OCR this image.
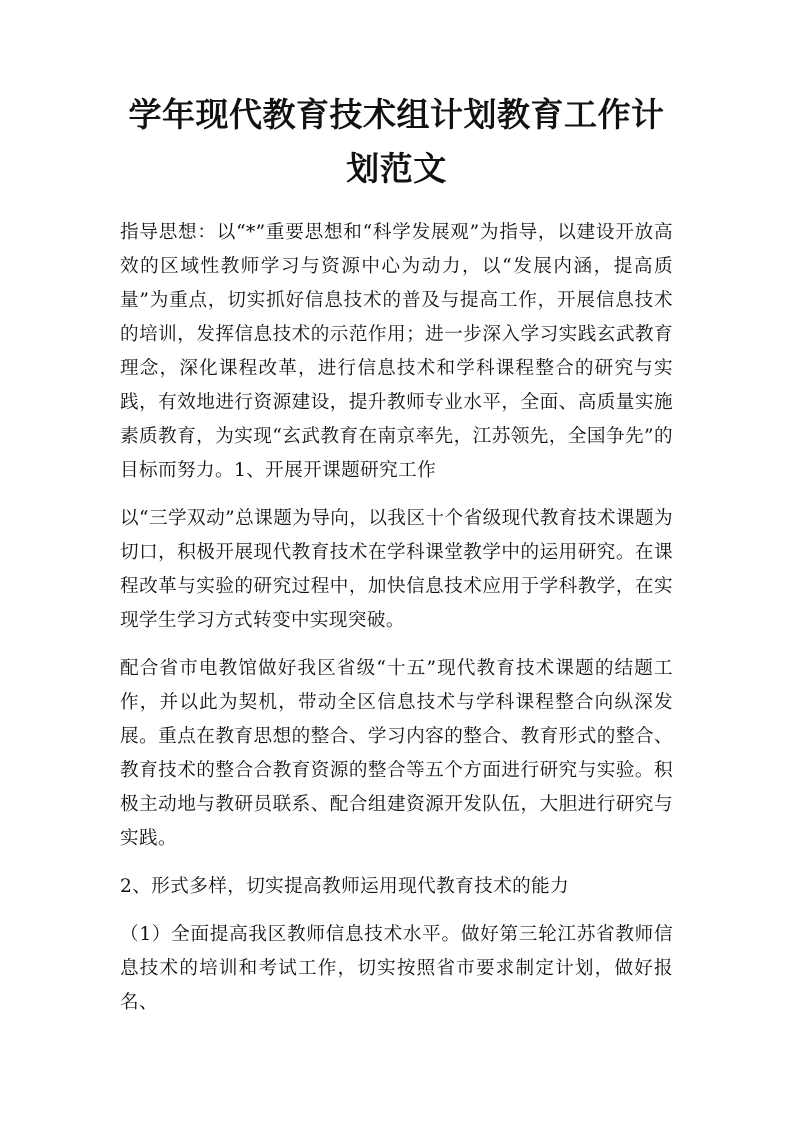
学年现代教育技术组计划教育工作计划范文

指导思想：以“*”重要思想和“科学发展观”为指导，以建设开放高效的区域性教师学习与资源中心为动力，以“发展内涵，提高质量”为重点，切实抓好信息技术的普及与提高工作，开展信息技术的培训，发挥信息技术的示范作用；进一步深入学习实践玄武教育理念，深化课程改革，进行信息技术和学科课程整合的研究与实践，有效地进行资源建设，提升教师专业水平，全面、高质量实施素质教育，为实现“玄武教育在南京率先，江苏领先，全国争先”的目标而努力。1、开展开课题研究工作

以“三学双动”总课题为导向，以我区十个省级现代教育技术课题为切口，积极开展现代教育技术在学科课堂教学中的运用研究。在课程改革与实验的研究过程中，加快信息技术应用于学科教学，在实现学生学习方式转变中实现突破。

配合省市电教馆做好我区省级“十五”现代教育技术课题的结题工作，并以此为契机，带动全区信息技术与学科课程整合向纵深发展。重点在教育思想的整合、学习内容的整合、教育形式的整合、教育技术的整合合教育资源的整合等五个方面进行研究与实验。积极主动地与教研员联系、配合组建资源开发队伍，大胆进行研究与实践。

2、形式多样，切实提高教师运用现代教育技术的能力

（1）全面提高我区教师信息技术水平。做好第三轮江苏省教师信息技术的培训和考试工作，切实按照省市要求制定计划，做好报名、
